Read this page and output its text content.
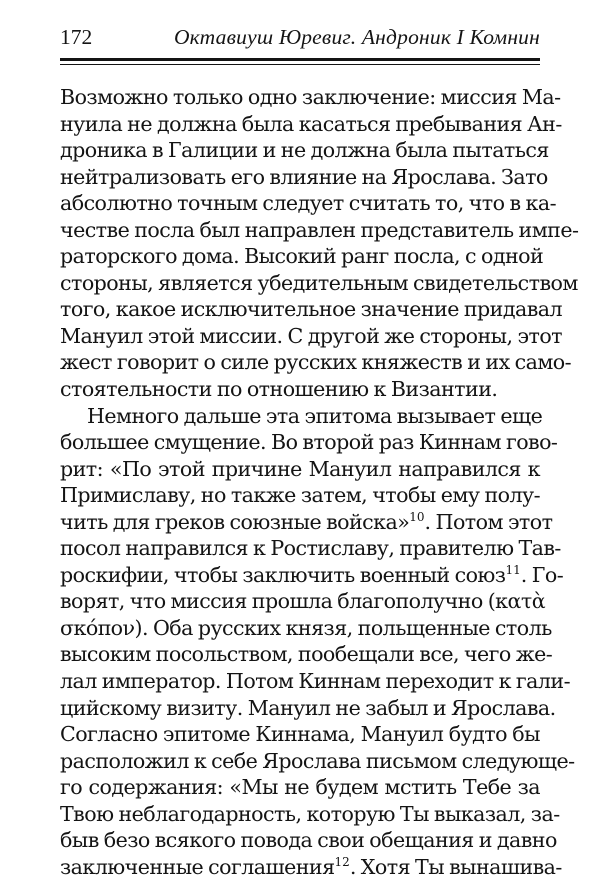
172	Октавиуш Юревиг. Андроник I Комнин
Возможно только одно заключение: миссия Ма-
нуила не должна была касаться пребывания Ан-
дроника в Галиции и не должна была пытаться
нейтрализовать его влияние на Ярослава. Зато
абсолютно точным следует считать то, что в ка-
честве посла был направлен представитель импе-
раторского дома. Высокий ранг посла, с одной
стороны, является убедительным свидетельством
того, какое исключительное значение придавал
Мануил этой миссии. С другой же стороны, этот
жест говорит о силе русских княжеств и их само-
стоятельности по отношению к Византии.
Немного дальше эта эпитома вызывает еще
большее смущение. Во второй раз Киннам гово-
рит: «По этой причине Мануил направился к
Примиславу, но также затем, чтобы ему полу-
чить для греков союзные войска»$^{10}$. Потом этот
посол направился к Ростиславу, правителю Тав-
роскифии, чтобы заключить военный союз$^{11}$. Го-
ворят, что миссия прошла благополучно (κατὰ
σκόπον). Оба русских князя, польщенные столь
высоким посольством, пообещали все, чего же-
лал император. Потом Киннам переходит к гали-
цийскому визиту. Мануил не забыл и Ярослава.
Согласно эпитоме Киннама, Мануил будто бы
расположил к себе Ярослава письмом следующе-
го содержания: «Мы не будем мстить Тебе за
Твою неблагодарность, которую Ты выказал, за-
быв безо всякого повода свои обещания и давно
заключенные соглашения$^{12}$. Хотя Ты вынашива-
